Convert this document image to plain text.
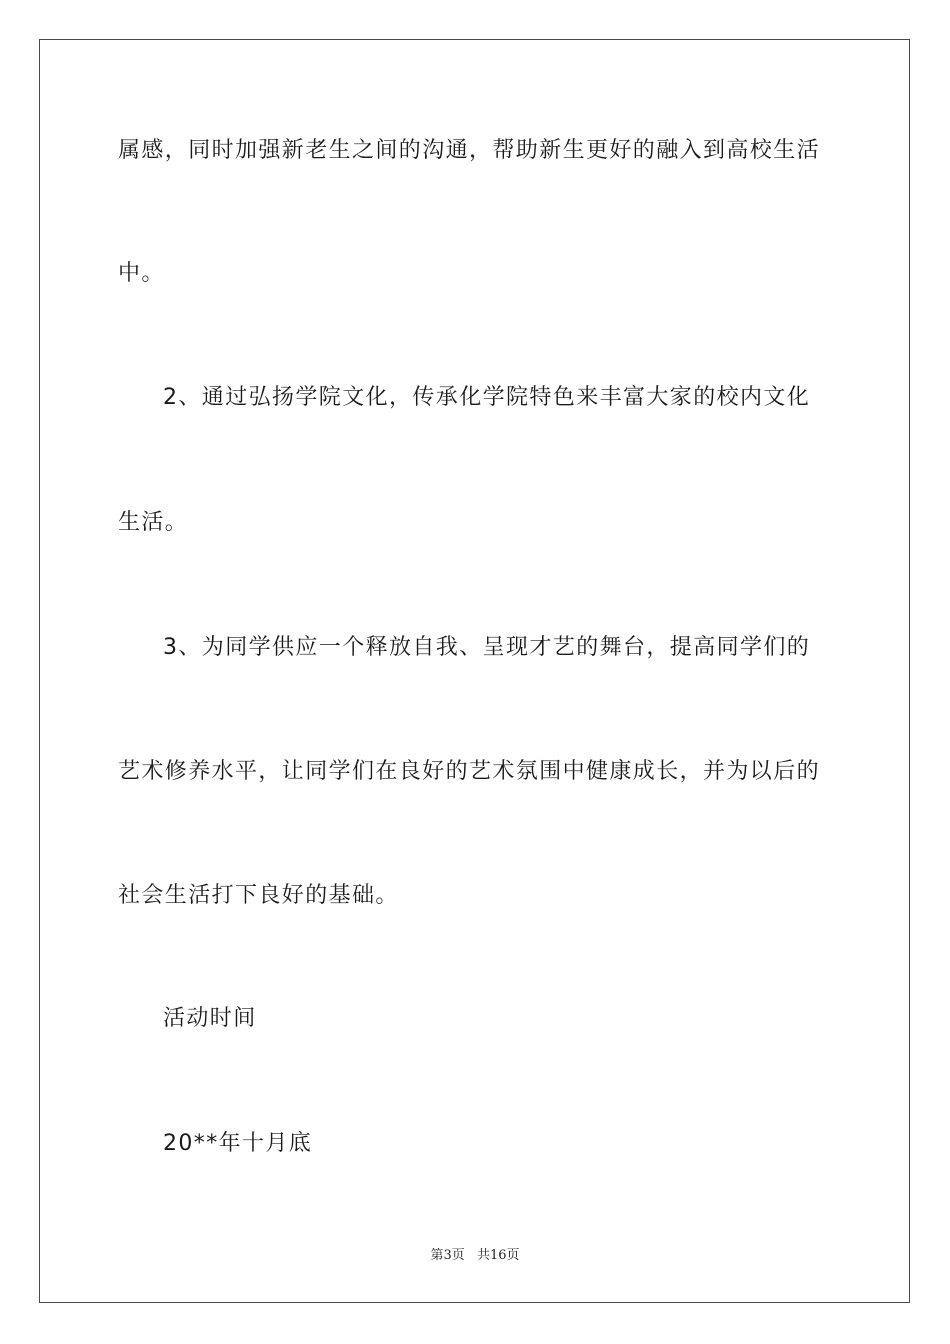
属感，同时加强新老生之间的沟通，帮助新生更好的融入到高校生活
中。
2、通过弘扬学院文化，传承化学院特色来丰富大家的校内文化
生活。
3、为同学供应一个释放自我、呈现才艺的舞台，提高同学们的
艺术修养水平，让同学们在良好的艺术氛围中健康成长，并为以后的
社会生活打下良好的基础。
活动时间
20**年十月底
第3页 共16页
